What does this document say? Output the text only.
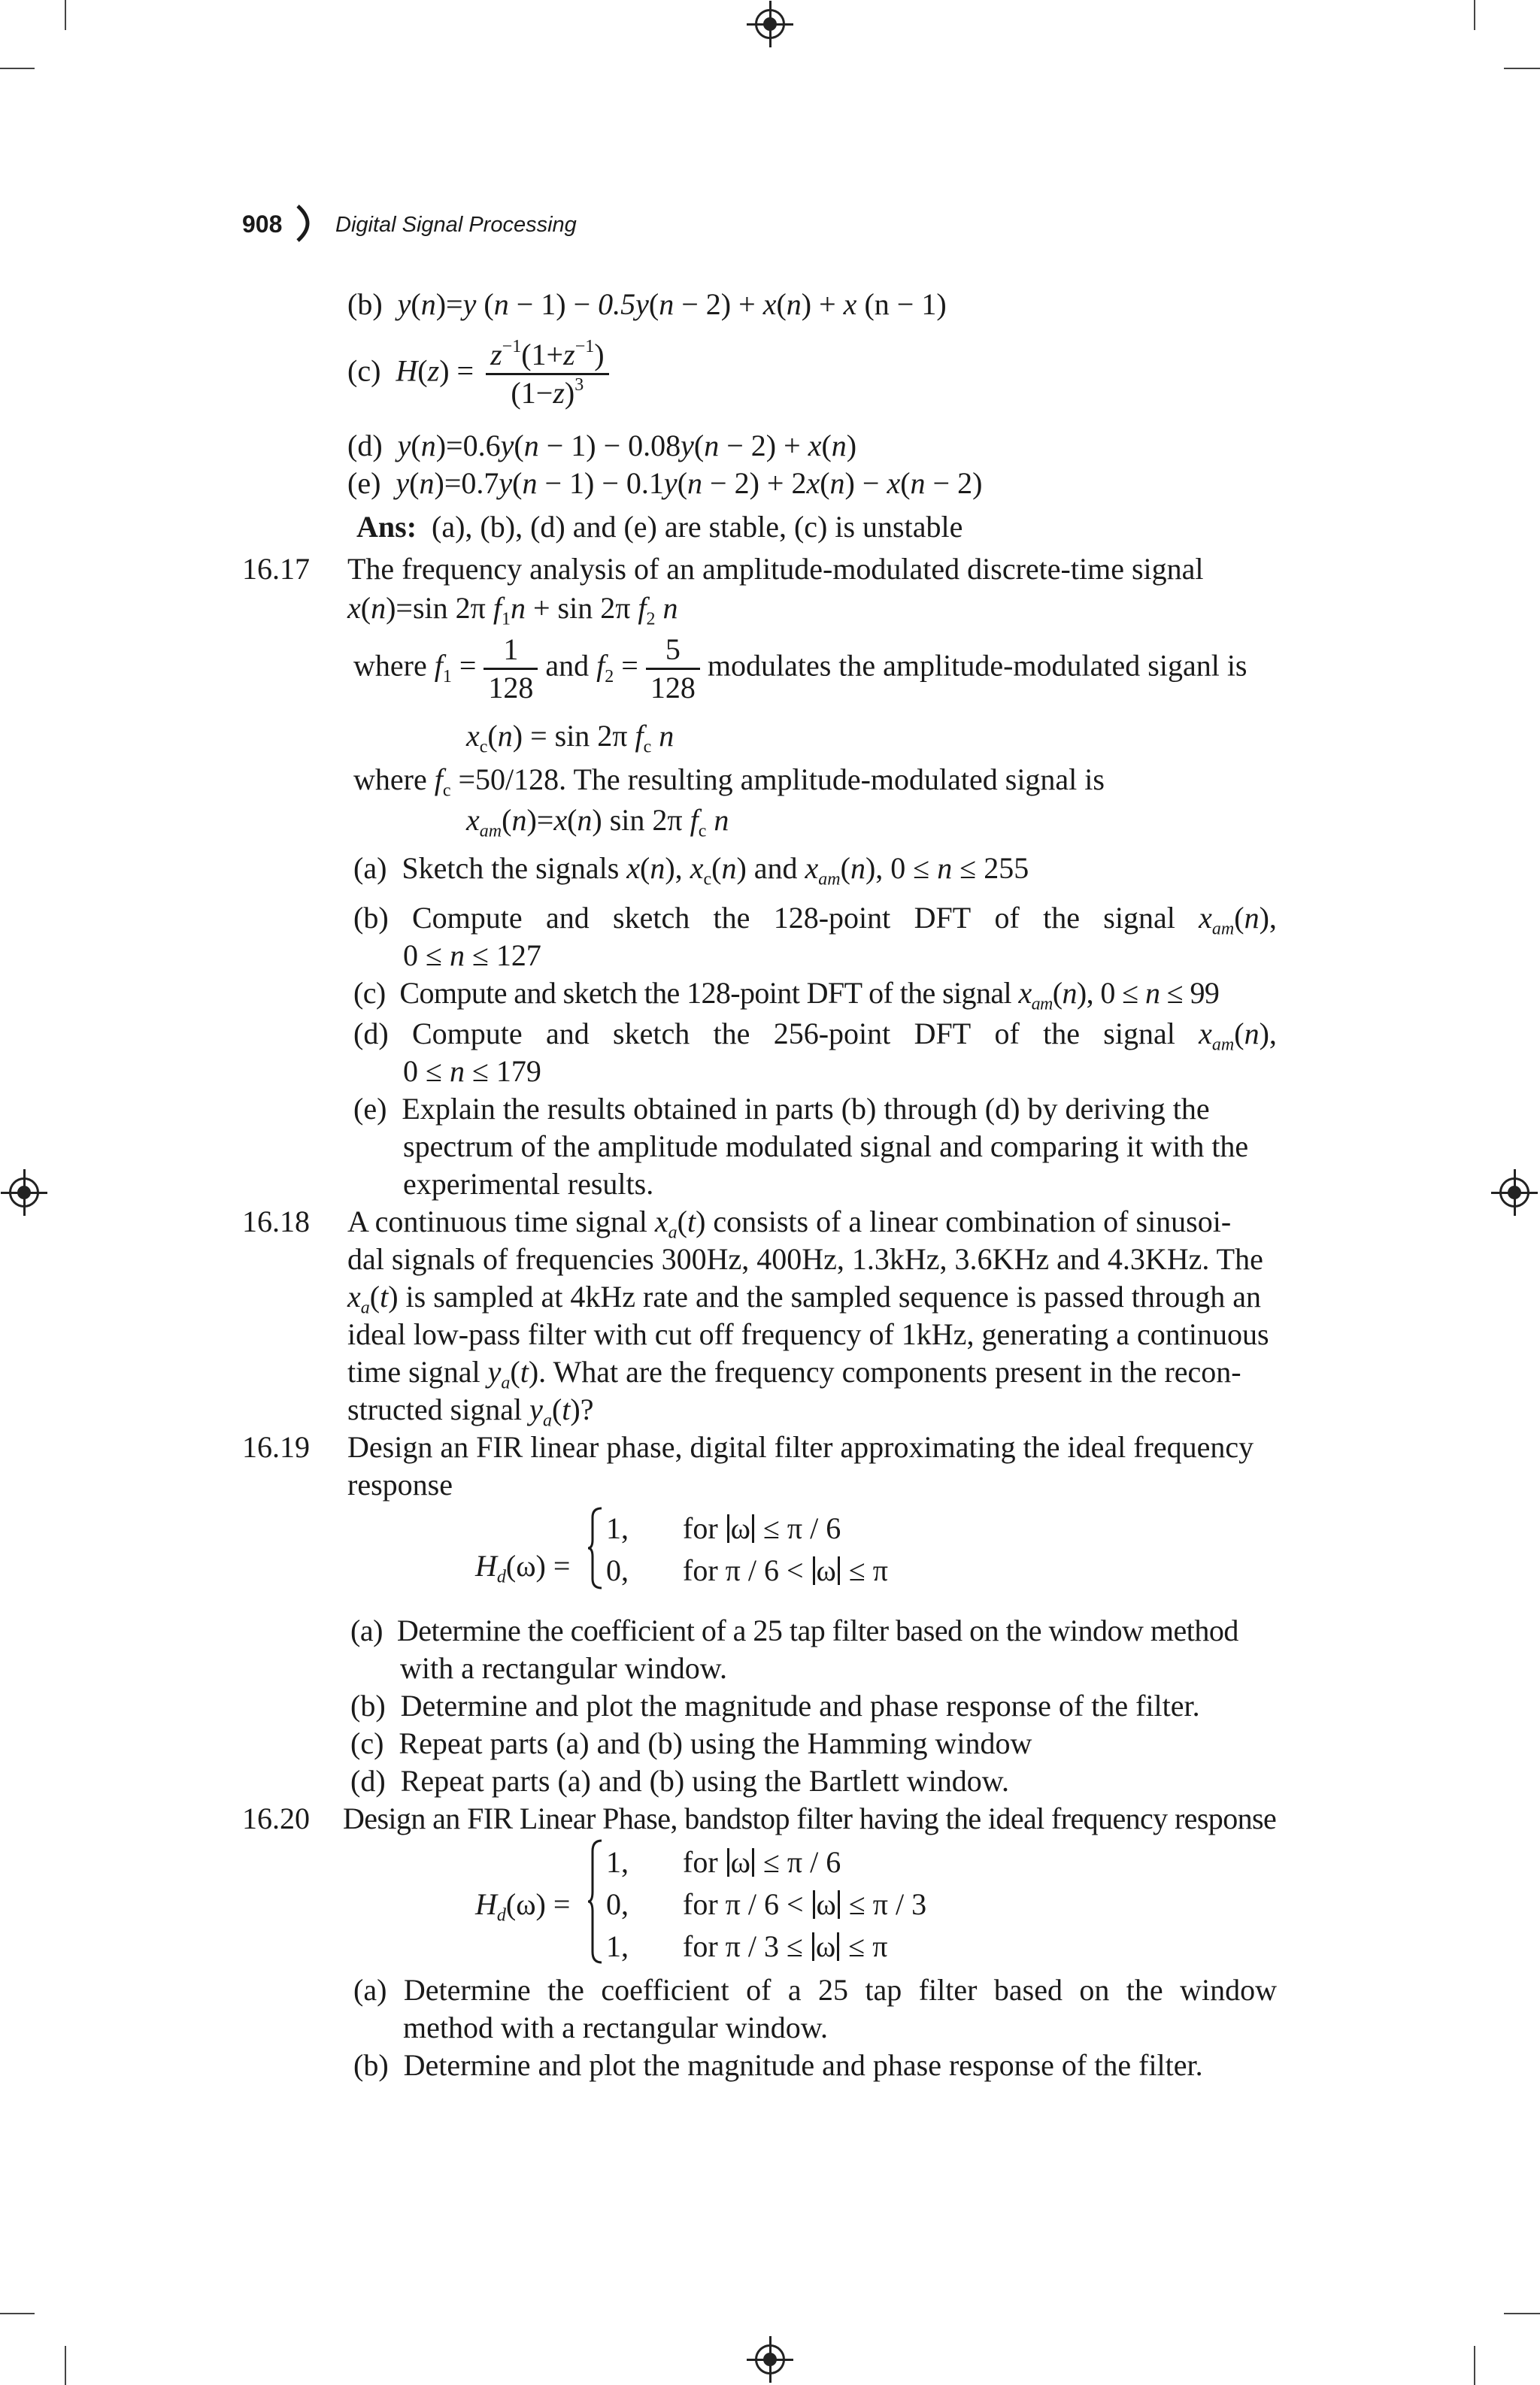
908 Digital Signal Processing
(b) y(n)=y (n − 1) − 0.5y(n − 2) + x(n) + x (n − 1)
(c) $H(z) = \frac{z^{-1}(1+z^{-1})}{(1-z)^3}$
(d) y(n)=0.6y(n − 1) − 0.08y(n − 2) + x(n)
(e) y(n)=0.7y(n − 1) − 0.1y(n − 2) + 2x(n) − x(n − 2)
Ans: (a), (b), (d) and (e) are stable, (c) is unstable
16.17 The frequency analysis of an amplitude-modulated discrete-time signal
x(n)=sin 2π $f_1n + \sin 2\pi$ $f_2$ n
where $f_1 = \frac{1}{128}$ and $f_2 = \frac{5}{128}$ modulates the amplitude-modulated siganl is
$x_c(n) = \sin 2\pi$ $f_c$ n
where $f_c =50/128$. The resulting amplitude-modulated signal is
$x_{am}(n)=x(n)$ sin 2π $f_c$ n
(a) Sketch the signals x(n), $x_c(n)$ and $x_{am}(n)$, 0 ≤ n ≤ 255
(b) Compute and sketch the 128-point DFT of the signal $x_{am}(n)$,
0 ≤ n ≤ 127
(c) Compute and sketch the 128-point DFT of the signal $x_{am}(n)$, 0 ≤ n ≤ 99
(d) Compute and sketch the 256-point DFT of the signal $x_{am}(n)$,
0 ≤ n ≤ 179
(e) Explain the results obtained in parts (b) through (d) by deriving the
spectrum of the amplitude modulated signal and comparing it with the
experimental results.
16.18 A continuous time signal $x_a(t)$ consists of a linear combination of sinusoi-
dal signals of frequencies 300Hz, 400Hz, 1.3kHz, 3.6KHz and 4.3KHz. The
$x_a(t)$ is sampled at 4kHz rate and the sampled sequence is passed through an
ideal low-pass filter with cut off frequency of 1kHz, generating a continuous
time signal $y_a(t)$. What are the frequency components present in the recon-
structed signal $y_a(t)$?
16.19 Design an FIR linear phase, digital filter approximating the ideal frequency
response
$H_d(\omega)$ =
1, for ω ≤ π / 6
0, for π / 6 < ω ≤ π
(a) Determine the coefficient of a 25 tap filter based on the window method
with a rectangular window.
(b) Determine and plot the magnitude and phase response of the filter.
(c) Repeat parts (a) and (b) using the Hamming window
(d) Repeat parts (a) and (b) using the Bartlett window.
16.20 Design an FIR Linear Phase, bandstop filter having the ideal frequency response
$H_d(\omega)$ =
1, for ω ≤ π / 6
0, for π / 6 < ω ≤ π / 3
1, for π / 3 ≤ ω ≤ π
(a) Determine the coefficient of a 25 tap filter based on the window
method with a rectangular window.
(b) Determine and plot the magnitude and phase response of the filter.
